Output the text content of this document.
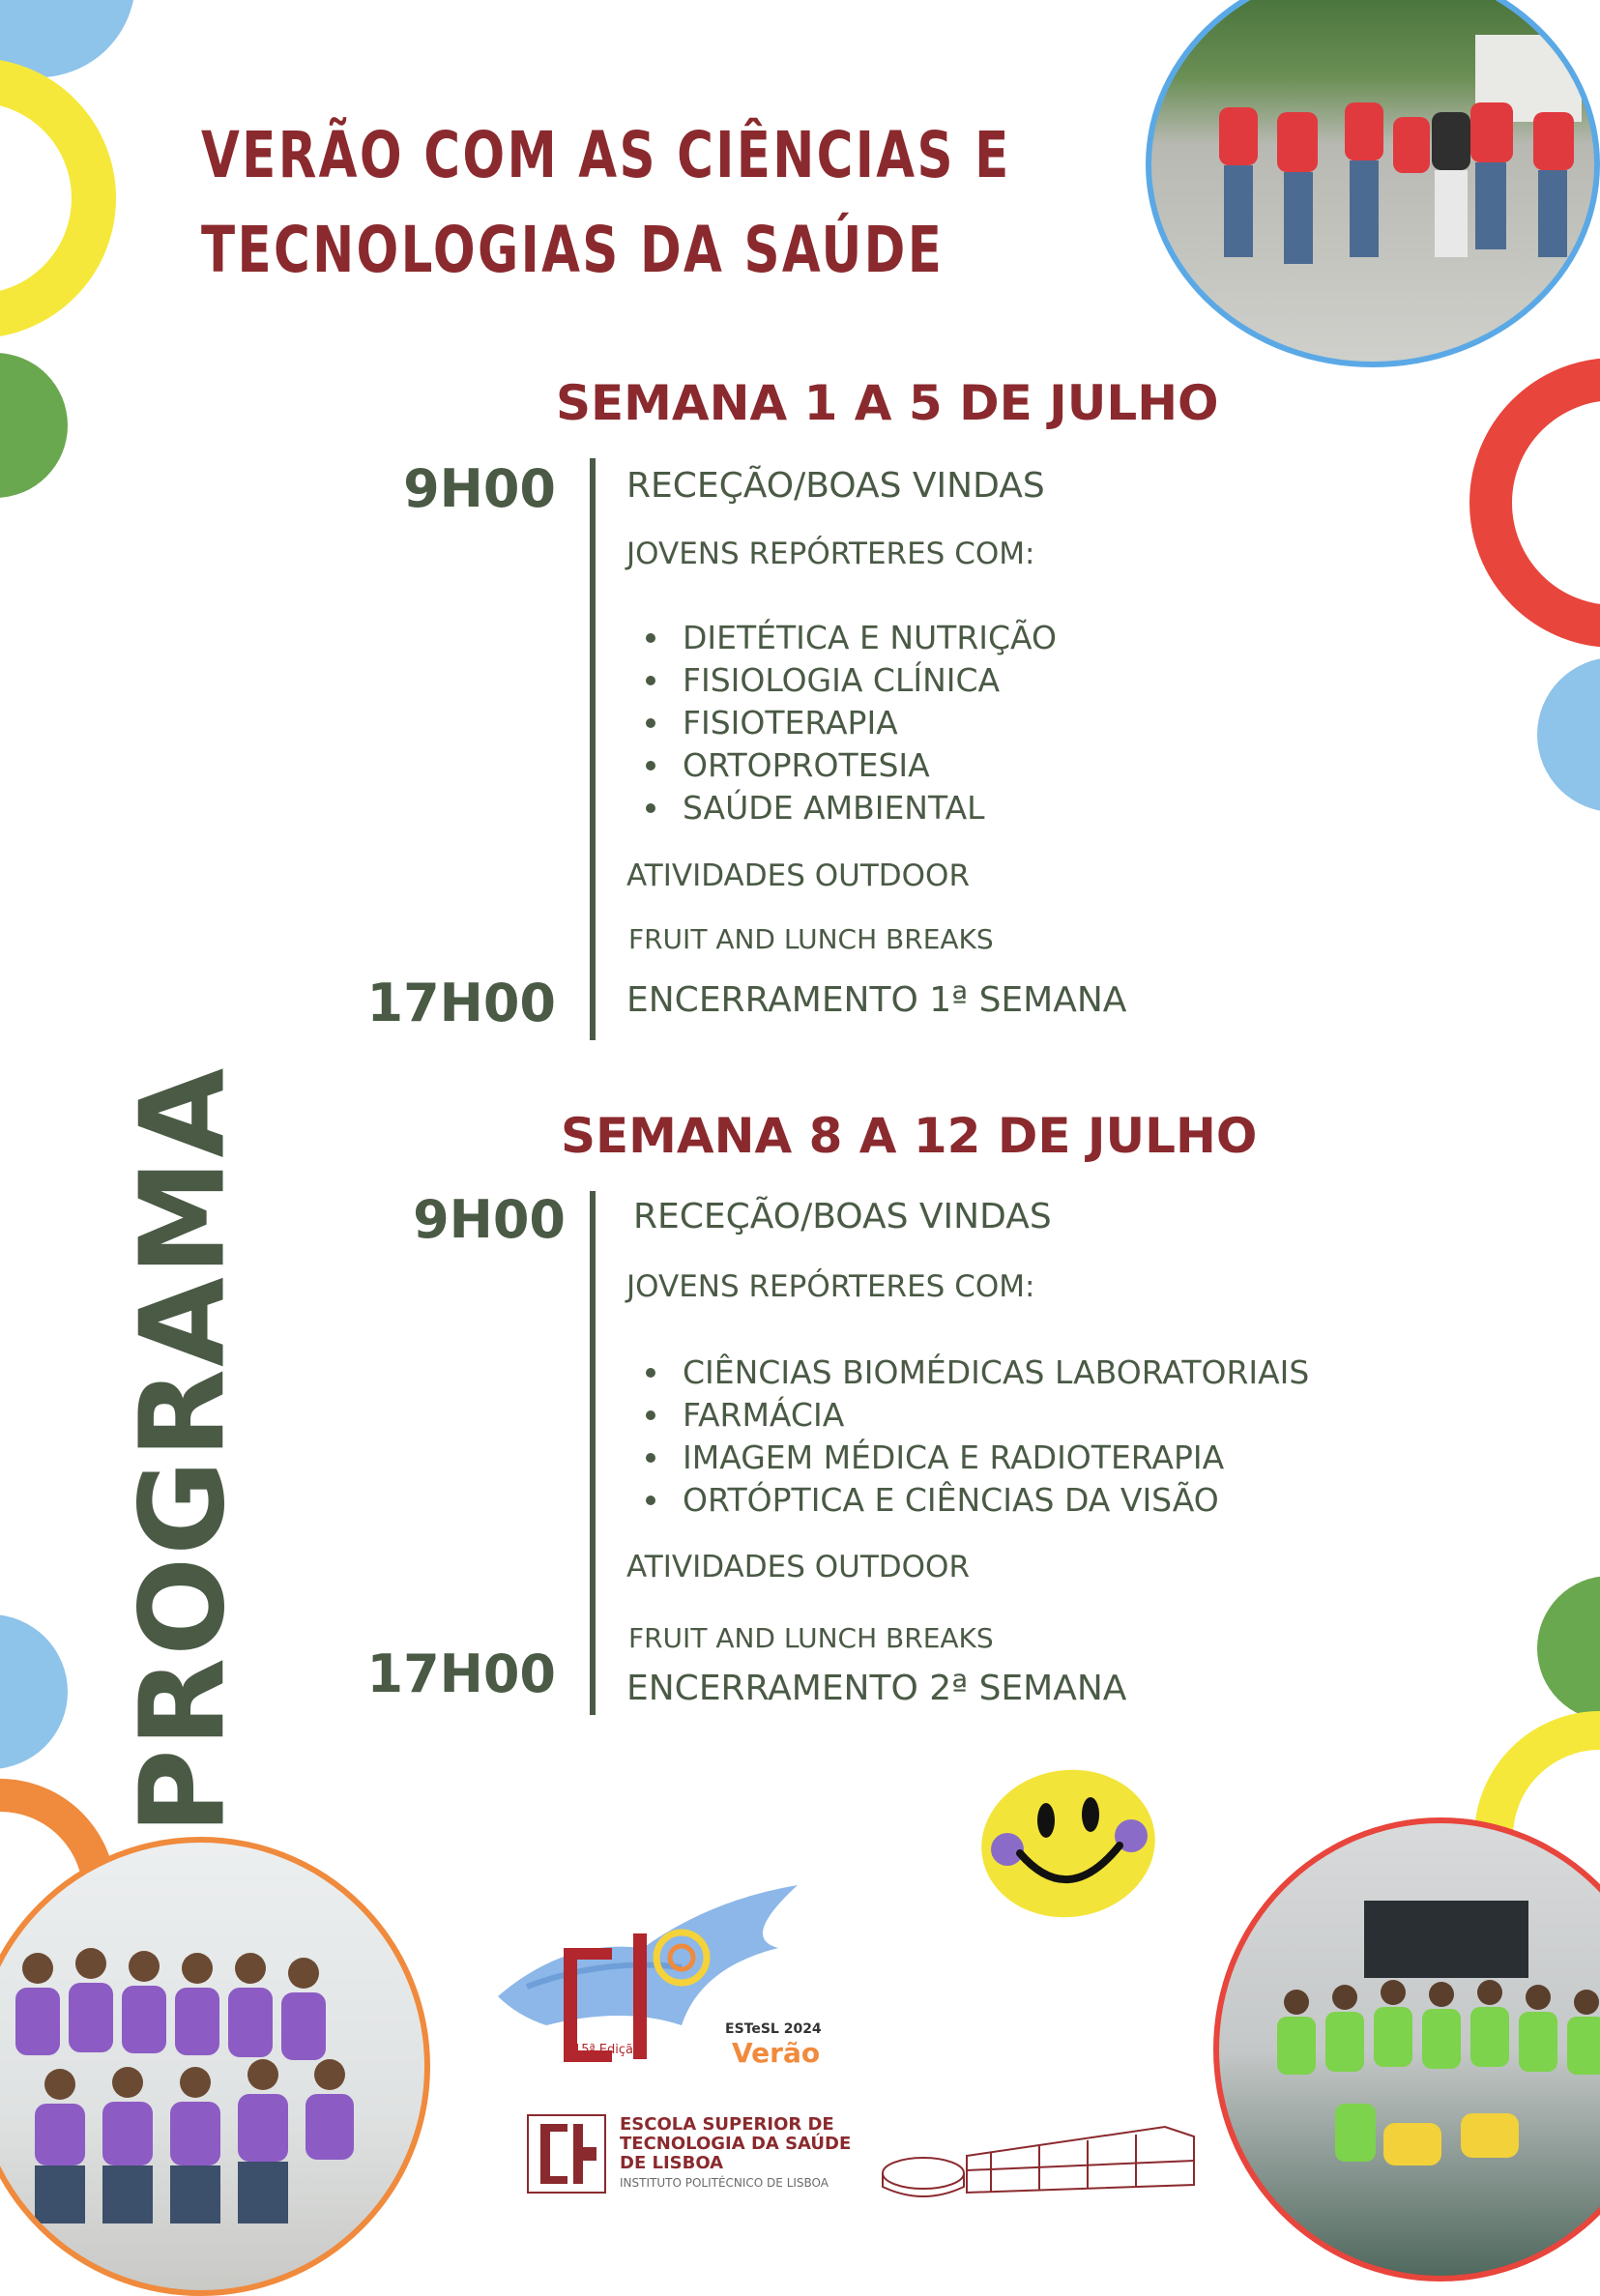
VERÃO COM AS CIÊNCIAS E
TECNOLOGIAS DA SAÚDE
PROGRAMA
SEMANA 1 A 5 DE JULHO
9H00 RECEÇÃO/BOAS VINDAS
JOVENS REPÓRTERES COM:
DIETÉTICA E NUTRIÇÃO
FISIOLOGIA CLÍNICA
FISIOTERAPIA
ORTOPROTESIA
SAÚDE AMBIENTAL
ATIVIDADES OUTDOOR
FRUIT AND LUNCH BREAKS
17H00 ENCERRAMENTO 1ª SEMANA
SEMANA 8 A 12 DE JULHO
9H00 RECEÇÃO/BOAS VINDAS
JOVENS REPÓRTERES COM:
CIÊNCIAS BIOMÉDICAS LABORATORIAIS
FARMÁCIA
IMAGEM MÉDICA E RADIOTERAPIA
ORTÓPTICA E CIÊNCIAS DA VISÃO
ATIVIDADES OUTDOOR
FRUIT AND LUNCH BREAKS
17H00 ENCERRAMENTO 2ª SEMANA
15ª Edição
ESTeSL 2024
Verão
ESCOLA SUPERIOR DE
TECNOLOGIA DA SAÚDE
DE LISBOA
INSTITUTO POLITÉCNICO DE LISBOA
